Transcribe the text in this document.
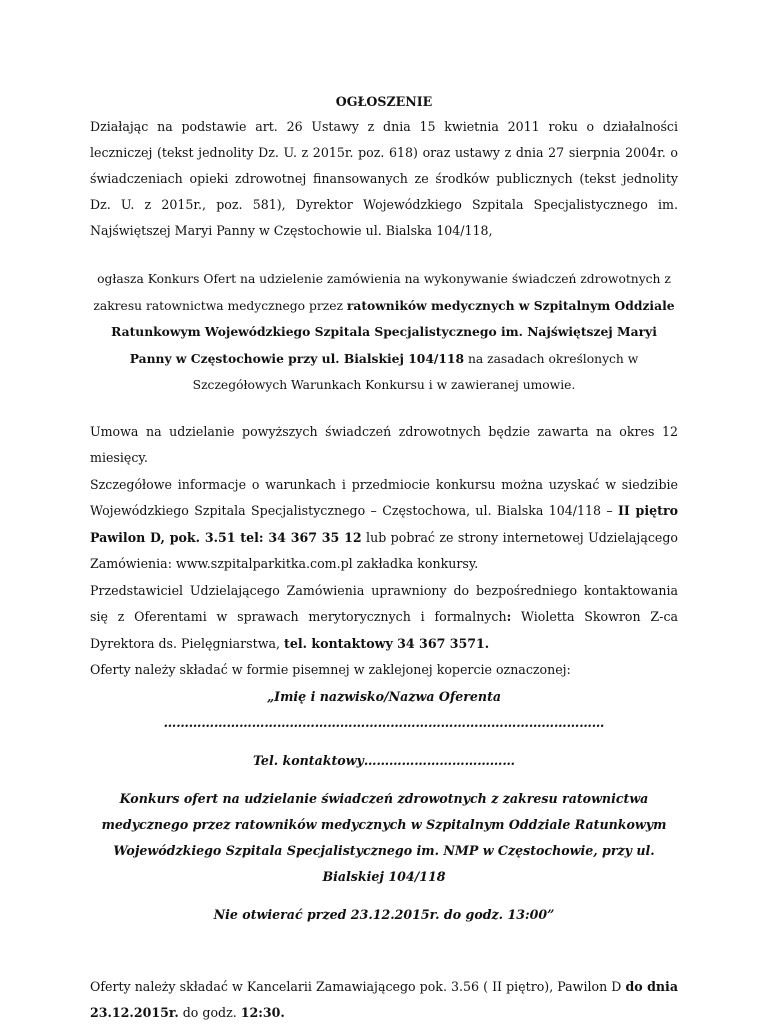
OGŁOSZENIE

Działając na podstawie art. 26 Ustawy z dnia 15 kwietnia 2011 roku o działalności leczniczej (tekst jednolity Dz. U. z 2015r. poz. 618) oraz ustawy z dnia 27 sierpnia 2004r. o świadczeniach opieki zdrowotnej finansowanych ze środków publicznych (tekst jednolity Dz. U. z 2015r., poz. 581), Dyrektor Wojewódzkiego Szpitala Specjalistycznego im. Najświętszej Maryi Panny w Częstochowie ul. Bialska 104/118,

ogłasza Konkurs Ofert na udzielenie zamówienia na wykonywanie świadczeń zdrowotnych z zakresu ratownictwa medycznego przez ratowników medycznych w Szpitalnym Oddziale Ratunkowym Wojewódzkiego Szpitala Specjalistycznego im. Najświętszej Maryi Panny w Częstochowie przy ul. Bialskiej 104/118 na zasadach określonych w Szczegółowych Warunkach Konkursu i w zawieranej umowie.

Umowa na udzielanie powyższych świadczeń zdrowotnych będzie zawarta na okres 12 miesięcy.

Szczegółowe informacje o warunkach i przedmiocie konkursu można uzyskać w siedzibie Wojewódzkiego Szpitala Specjalistycznego – Częstochowa, ul. Bialska 104/118 – II piętro Pawilon D, pok. 3.51 tel: 34 367 35 12 lub pobrać ze strony internetowej Udzielającego Zamówienia: www.szpitalparkitka.com.pl zakładka konkursy.

Przedstawiciel Udzielającego Zamówienia uprawniony do bezpośredniego kontaktowania się z Oferentami w sprawach merytorycznych i formalnych: Wioletta Skowron Z-ca Dyrektora ds. Pielęgniarstwa, tel. kontaktowy 34 367 3571.

Oferty należy składać w formie pisemnej w zaklejonej kopercie oznaczonej:

„Imię i nazwisko/Nazwa Oferenta

……………………………………………………………………………………………

Tel. kontaktowy………………………………

Konkurs ofert na udzielanie świadczeń zdrowotnych z zakresu ratownictwa medycznego przez ratowników medycznych w Szpitalnym Oddziale Ratunkowym Wojewódzkiego Szpitala Specjalistycznego im. NMP w Częstochowie, przy ul. Bialskiej 104/118

Nie otwierać przed 23.12.2015r. do godz. 13:00”

Oferty należy składać w Kancelarii Zamawiającego pok. 3.56 ( II piętro), Pawilon D do dnia 23.12.2015r. do godz. 12:30.
